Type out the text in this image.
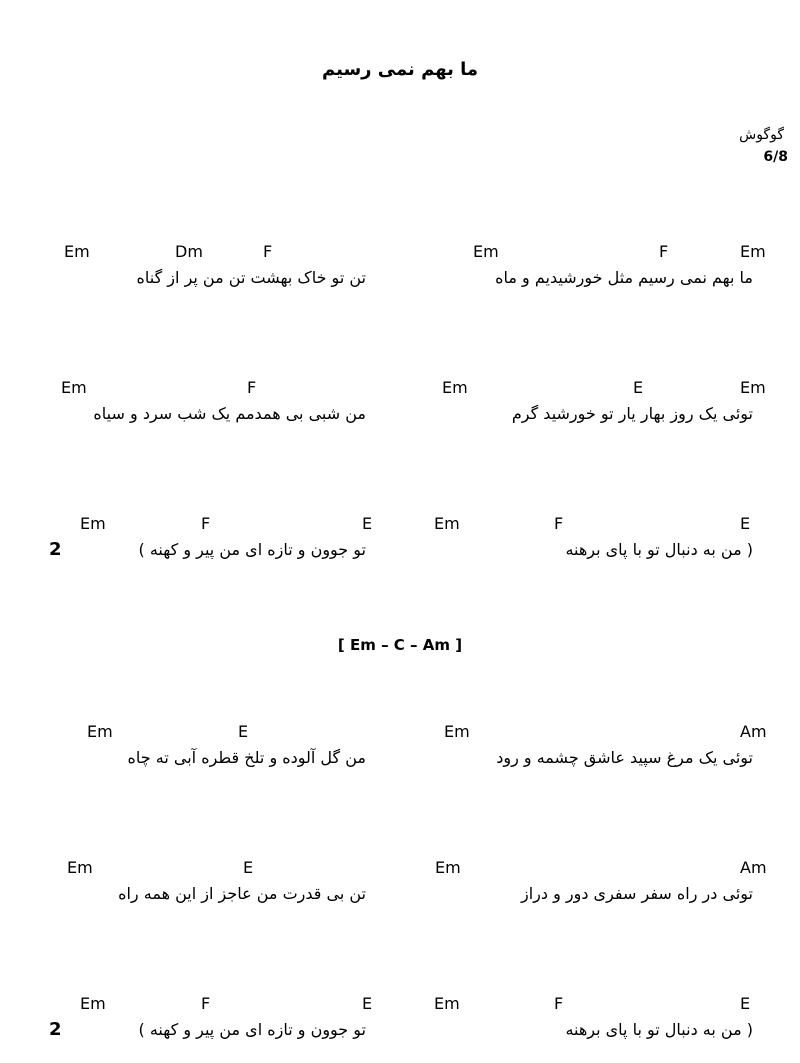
ما بهم نمی رسیم
گوگوش
6/8
Em
F
Em
ما بهم نمی رسیم مثل خورشیدیم و ماه
F
Dm
Em
تن تو خاک بهشت تن من پر از گناه
Em
E
Em
توئی یک روز بهار یار تو خورشید گرم
F
Em
من شبی بی همدمم یک شب سرد و سیاه
E
F
Em
( من به دنبال تو با پای برهنه
E
F
Em
تو جوون و تازه ای من پیر و کهنه )
2
[ Em – C – Am ]
Am
Em
توئی یک مرغ سپید عاشق چشمه و رود
E
Em
من گل آلوده و تلخ قطره آبی ته چاه
Am
Em
توئی در راه سفر سفری دور و دراز
E
Em
تن بی قدرت من عاجز از این همه راه
E
F
Em
( من به دنبال تو با پای برهنه
E
F
Em
تو جوون و تازه ای من پیر و کهنه )
2
